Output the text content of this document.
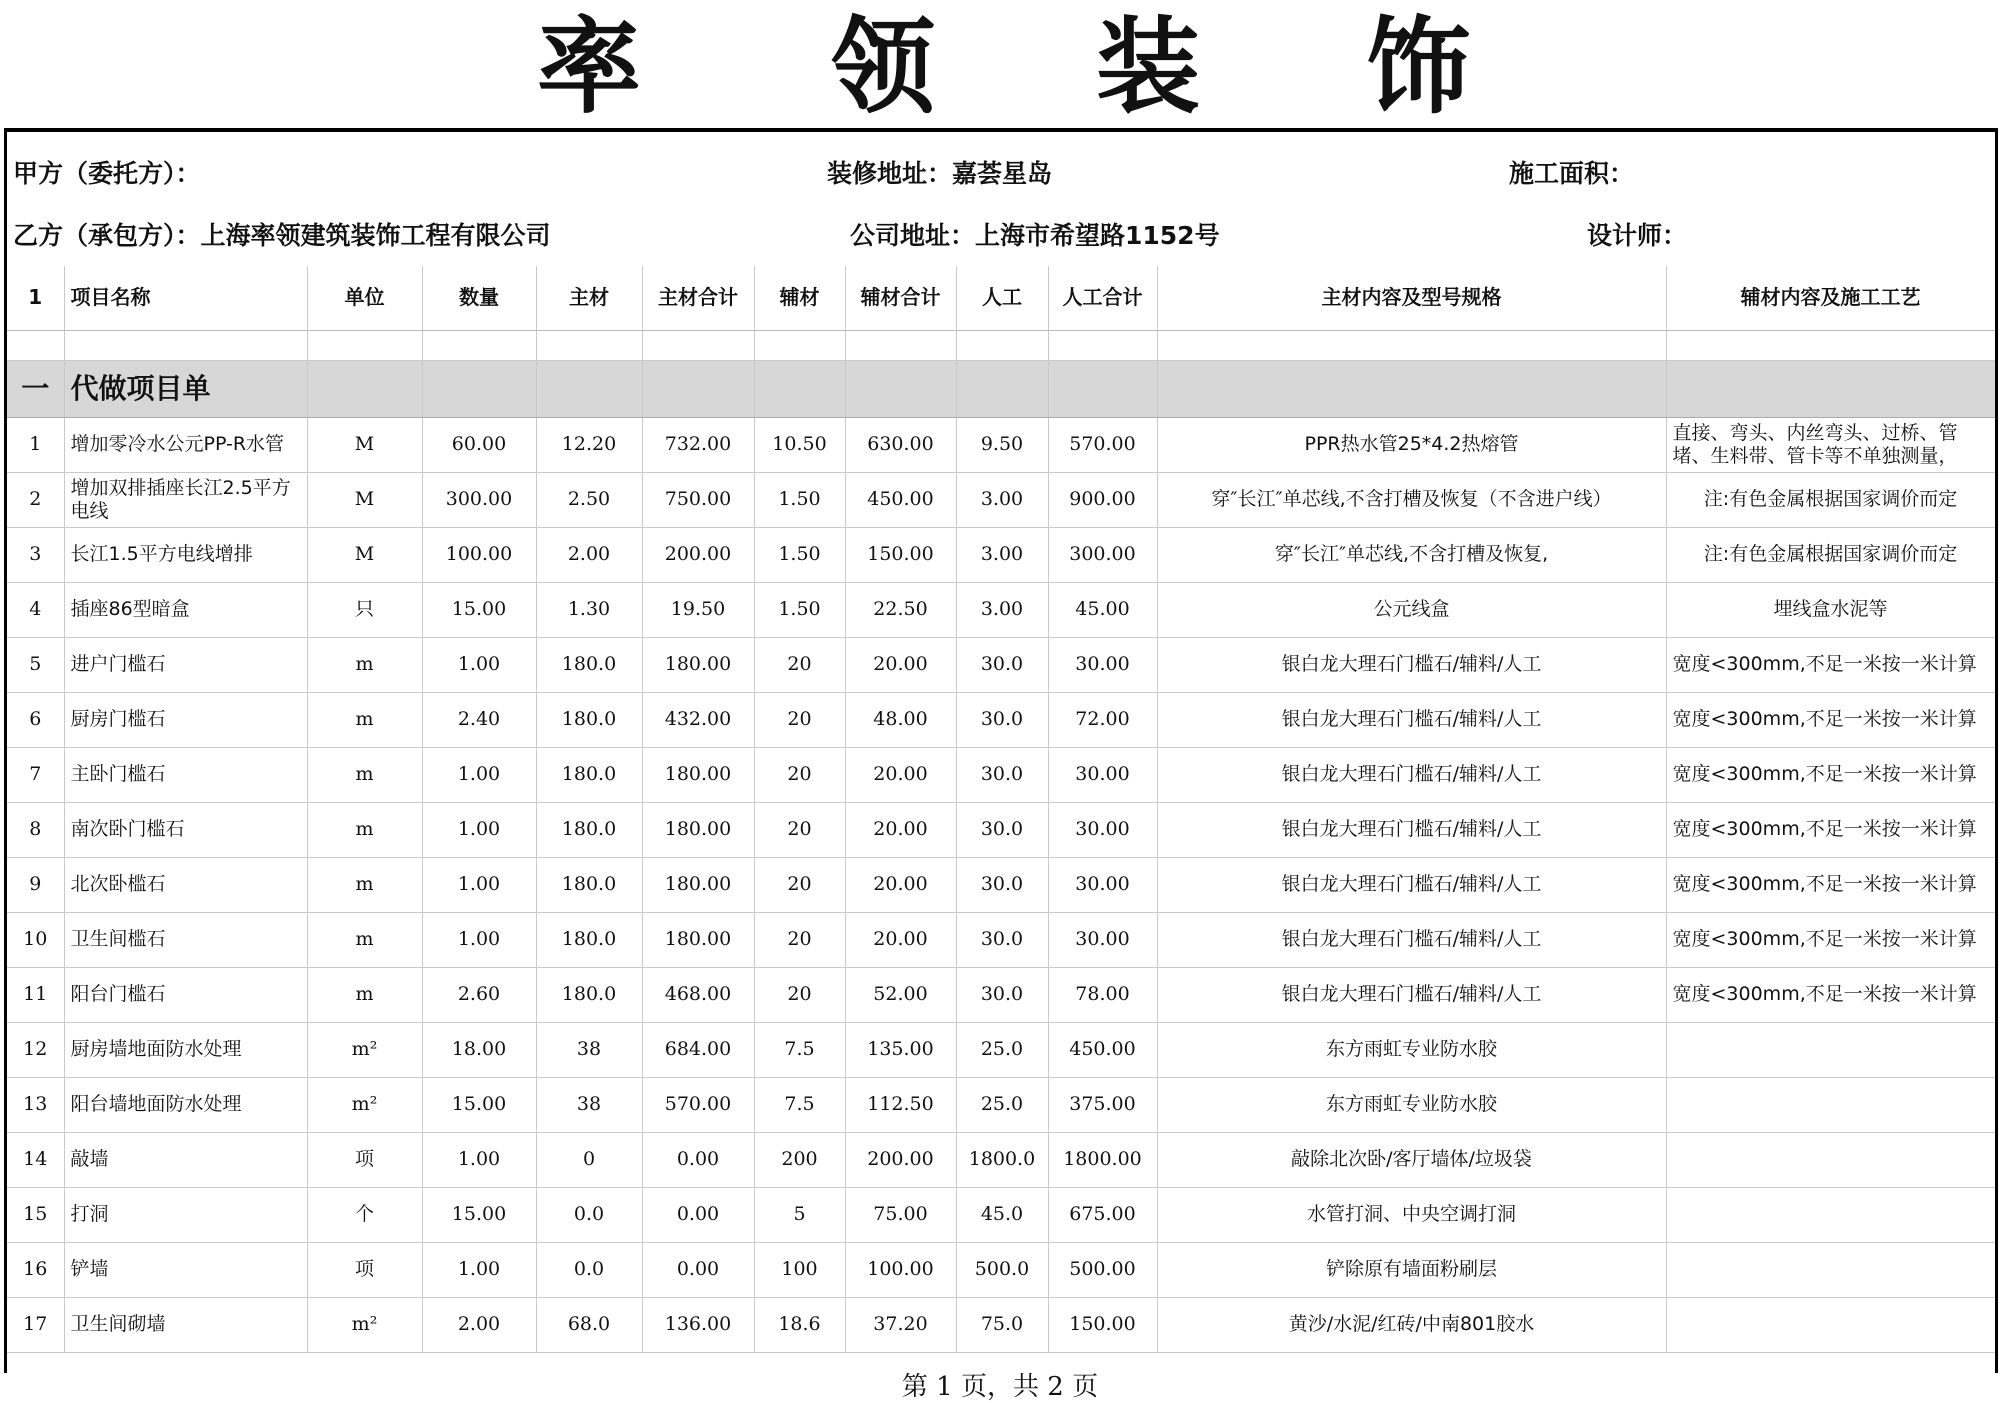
率 领 装 饰
甲方（委托方）：	装修地址：嘉荟星岛	施工面积：
乙方（承包方）：上海率领建筑装饰工程有限公司	公司地址：上海市希望路1152号	设计师：
1	项目名称	单位	数量	主材	主材合计	辅材	辅材合计	人工	人工合计	主材内容及型号规格	辅材内容及施工工艺

一	代做项目单										
1	增加零冷水公元PP-R水管	M	60.00	12.20	732.00	10.50	630.00	9.50	570.00	PPR热水管25*4.2热熔管	直接、弯头、内丝弯头、过桥、管堵、生料带、管卡等不单独测量，
2	增加双排插座长江2.5平方电线	M	300.00	2.50	750.00	1.50	450.00	3.00	900.00	穿″长江″单芯线,不含打槽及恢复（不含进户线）	注:有色金属根据国家调价而定
3	长江1.5平方电线增排	M	100.00	2.00	200.00	1.50	150.00	3.00	300.00	穿″长江″单芯线,不含打槽及恢复,	注:有色金属根据国家调价而定
4	插座86型暗盒	只	15.00	1.30	19.50	1.50	22.50	3.00	45.00	公元线盒	埋线盒水泥等
5	进户门槛石	m	1.00	180.0	180.00	20	20.00	30.0	30.00	银白龙大理石门槛石/辅料/人工	宽度<300mm,不足一米按一米计算
6	厨房门槛石	m	2.40	180.0	432.00	20	48.00	30.0	72.00	银白龙大理石门槛石/辅料/人工	宽度<300mm,不足一米按一米计算
7	主卧门槛石	m	1.00	180.0	180.00	20	20.00	30.0	30.00	银白龙大理石门槛石/辅料/人工	宽度<300mm,不足一米按一米计算
8	南次卧门槛石	m	1.00	180.0	180.00	20	20.00	30.0	30.00	银白龙大理石门槛石/辅料/人工	宽度<300mm,不足一米按一米计算
9	北次卧槛石	m	1.00	180.0	180.00	20	20.00	30.0	30.00	银白龙大理石门槛石/辅料/人工	宽度<300mm,不足一米按一米计算
10	卫生间槛石	m	1.00	180.0	180.00	20	20.00	30.0	30.00	银白龙大理石门槛石/辅料/人工	宽度<300mm,不足一米按一米计算
11	阳台门槛石	m	2.60	180.0	468.00	20	52.00	30.0	78.00	银白龙大理石门槛石/辅料/人工	宽度<300mm,不足一米按一米计算
12	厨房墙地面防水处理	m²	18.00	38	684.00	7.5	135.00	25.0	450.00	东方雨虹专业防水胶	
13	阳台墙地面防水处理	m²	15.00	38	570.00	7.5	112.50	25.0	375.00	东方雨虹专业防水胶	
14	敲墙	项	1.00	0	0.00	200	200.00	1800.0	1800.00	敲除北次卧/客厅墙体/垃圾袋	
15	打洞	个	15.00	0.0	0.00	5	75.00	45.0	675.00	水管打洞、中央空调打洞	
16	铲墙	项	1.00	0.0	0.00	100	100.00	500.0	500.00	铲除原有墙面粉刷层	
17	卫生间砌墙	m²	2.00	68.0	136.00	18.6	37.20	75.0	150.00	黄沙/水泥/红砖/中南801胶水	
第 1 页，共 2 页
